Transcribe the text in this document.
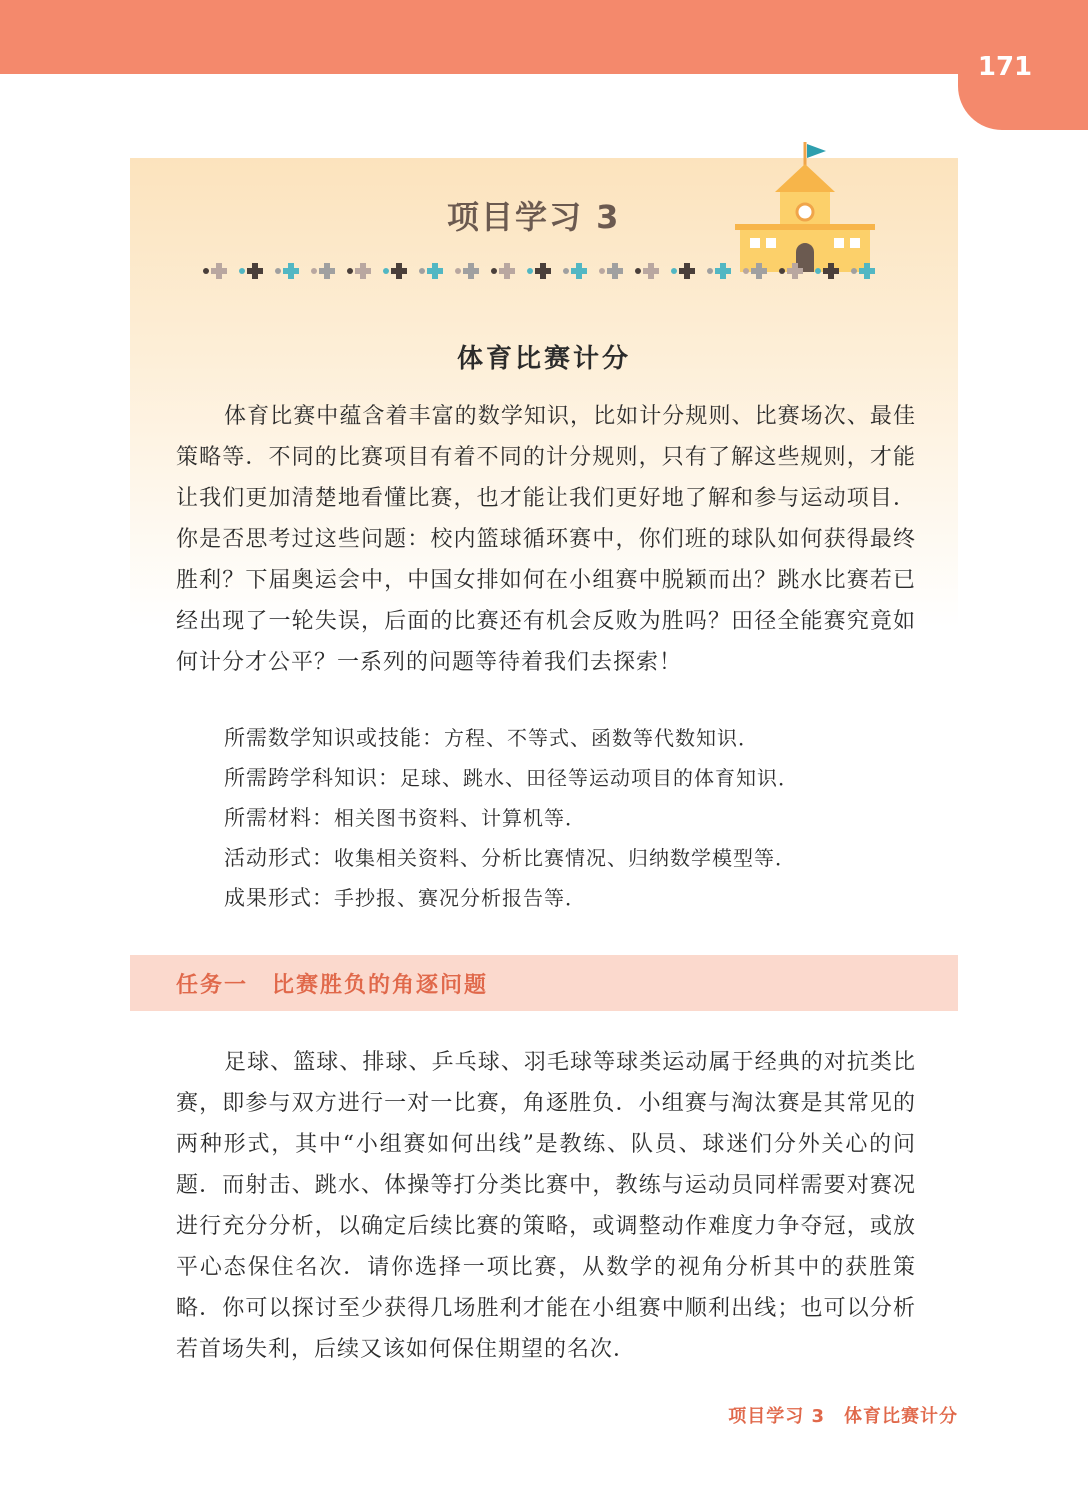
171
项目学习 3
体育比赛计分

体育比赛中蕴含着丰富的数学知识，比如计分规则、比赛场次、最佳策略等．不同的比赛项目有着不同的计分规则，只有了解这些规则，才能让我们更加清楚地看懂比赛，也才能让我们更好地了解和参与运动项目．你是否思考过这些问题：校内篮球循环赛中，你们班的球队如何获得最终胜利？下届奥运会中，中国女排如何在小组赛中脱颖而出？跳水比赛若已经出现了一轮失误，后面的比赛还有机会反败为胜吗？田径全能赛究竟如何计分才公平？一系列的问题等待着我们去探索！

所需数学知识或技能：方程、不等式、函数等代数知识．
所需跨学科知识：足球、跳水、田径等运动项目的体育知识．
所需材料：相关图书资料、计算机等．
活动形式：收集相关资料、分析比赛情况、归纳数学模型等．
成果形式：手抄报、赛况分析报告等．
任务一　比赛胜负的角逐问题

足球、篮球、排球、乒乓球、羽毛球等球类运动属于经典的对抗类比赛，即参与双方进行一对一比赛，角逐胜负．小组赛与淘汰赛是其常见的两种形式，其中“小组赛如何出线”是教练、队员、球迷们分外关心的问题．而射击、跳水、体操等打分类比赛中，教练与运动员同样需要对赛况进行充分分析，以确定后续比赛的策略，或调整动作难度力争夺冠，或放平心态保住名次．请你选择一项比赛，从数学的视角分析其中的获胜策略．你可以探讨至少获得几场胜利才能在小组赛中顺利出线；也可以分析若首场失利，后续又该如何保住期望的名次．

项目学习 3　体育比赛计分
